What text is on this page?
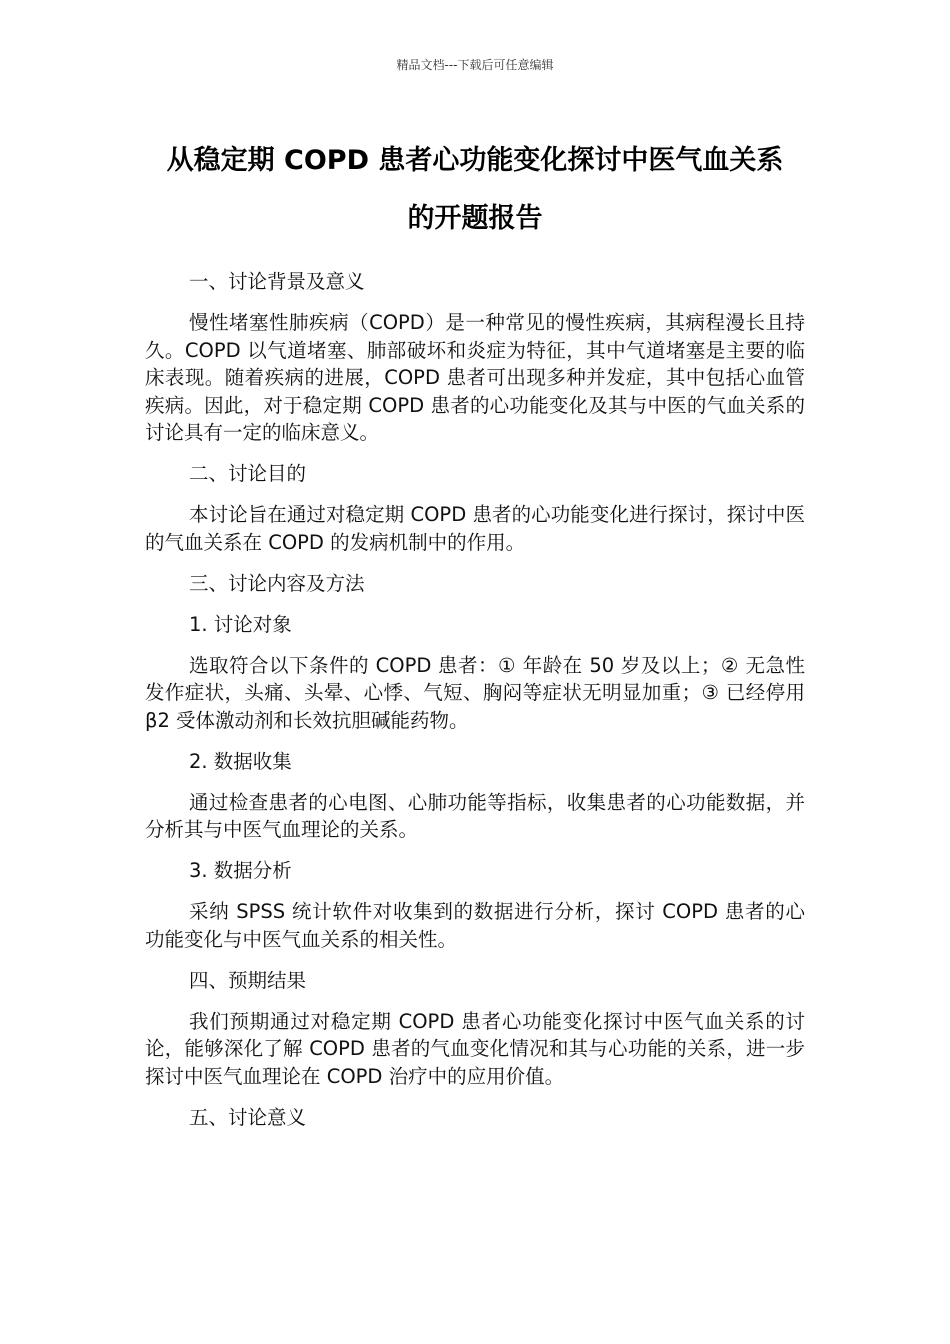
精品文档---下载后可任意编辑
从稳定期 COPD 患者心功能变化探讨中医气血关系
的开题报告

一、讨论背景及意义

慢性堵塞性肺疾病（COPD）是一种常见的慢性疾病，其病程漫长且持久。COPD 以气道堵塞、肺部破坏和炎症为特征，其中气道堵塞是主要的临床表现。随着疾病的进展，COPD 患者可出现多种并发症，其中包括心血管疾病。因此，对于稳定期 COPD 患者的心功能变化及其与中医的气血关系的讨论具有一定的临床意义。

二、讨论目的

本讨论旨在通过对稳定期 COPD 患者的心功能变化进行探讨，探讨中医的气血关系在 COPD 的发病机制中的作用。

三、讨论内容及方法

1. 讨论对象

选取符合以下条件的 COPD 患者：① 年龄在 50 岁及以上；② 无急性发作症状，头痛、头晕、心悸、气短、胸闷等症状无明显加重；③ 已经停用 β2 受体激动剂和长效抗胆碱能药物。

2. 数据收集

通过检查患者的心电图、心肺功能等指标，收集患者的心功能数据，并分析其与中医气血理论的关系。

3. 数据分析

采纳 SPSS 统计软件对收集到的数据进行分析，探讨 COPD 患者的心功能变化与中医气血关系的相关性。

四、预期结果

我们预期通过对稳定期 COPD 患者心功能变化探讨中医气血关系的讨论，能够深化了解 COPD 患者的气血变化情况和其与心功能的关系，进一步探讨中医气血理论在 COPD 治疗中的应用价值。

五、讨论意义
